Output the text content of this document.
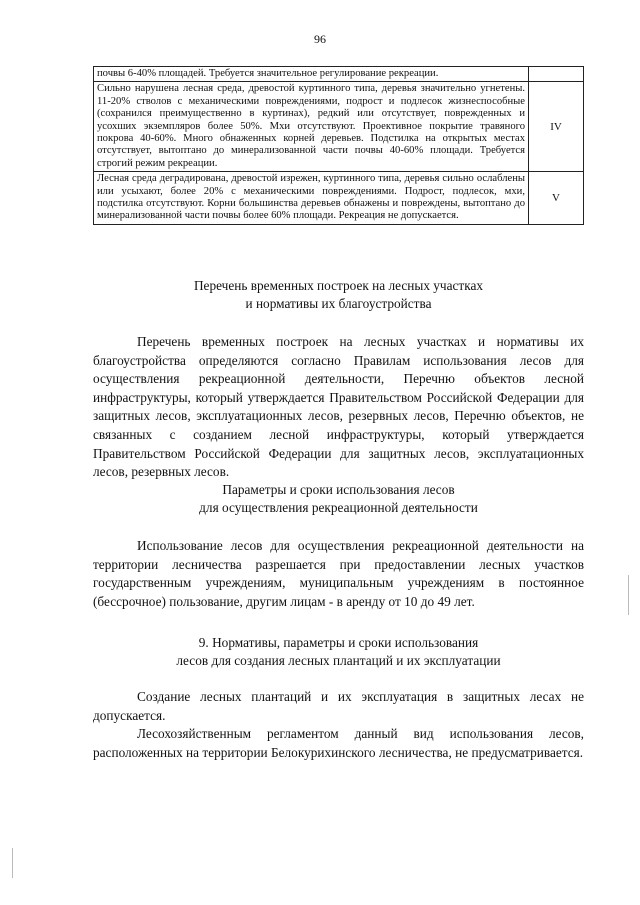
96
почвы 6-40% площадей. Требуется значительное регулирование рекреации.	
Сильно нарушена лесная среда, древостой куртинного типа, деревья значительно угнетены. 11-20% стволов с механическими повреждениями, подрост и подлесок жизнеспособные (сохранился преимущественно в куртинах), редкий или отсутствует, поврежденных и усохших экземпляров более 50%. Мхи отсутствуют. Проективное покрытие травяного покрова 40-60%. Много обнаженных корней деревьев. Подстилка на открытых местах отсутствует, вытоптано до минерализованной части почвы 40-60% площади. Требуется строгий режим рекреации.	IV
Лесная среда деградирована, древостой изрежен, куртинного типа, деревья сильно ослаблены или усыхают, более 20% с механическими повреждениями. Подрост, подлесок, мхи, подстилка отсутствуют. Корни большинства деревьев обнажены и повреждены, вытоптано до минерализованной части почвы более 60% площади. Рекреация не допускается.	V
Перечень временных построек на лесных участках
и нормативы их благоустройства

Перечень временных построек на лесных участках и нормативы их благоустройства определяются согласно Правилам использования лесов для осуществления рекреационной деятельности, Перечню объектов лесной инфраструктуры, который утверждается Правительством Российской Федерации для защитных лесов, эксплуатационных лесов, резервных лесов, Перечню объектов, не связанных с созданием лесной инфраструктуры, который утверждается Правительством Российской Федерации для защитных лесов, эксплуатационных лесов, резервных лесов.

Параметры и сроки использования лесов
для осуществления рекреационной деятельности

Использование лесов для осуществления рекреационной деятельности на территории лесничества разрешается при предоставлении лесных участков государственным учреждениям, муниципальным учреждениям в постоянное (бессрочное) пользование, другим лицам - в аренду от 10 до 49 лет.

9. Нормативы, параметры и сроки использования
лесов для создания лесных плантаций и их эксплуатации

Создание лесных плантаций и их эксплуатация в защитных лесах не допускается.

Лесохозяйственным регламентом данный вид использования лесов, расположенных на территории Белокурихинского лесничества, не предусматривается.
